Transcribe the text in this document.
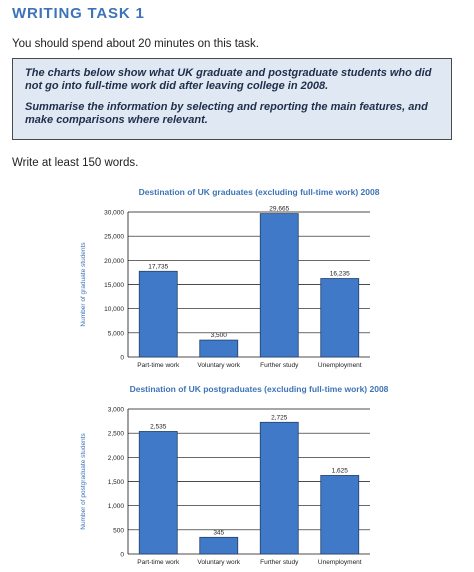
WRITING TASK 1
You should spend about 20 minutes on this task.

The charts below show what UK graduate and postgraduate students who did not go into full-time work did after leaving college in 2008.

Summarise the information by selecting and reporting the main features, and make comparisons where relevant.

Write at least 150 words.
Destination of UK graduates (excluding full-time work) 2008
0
5,000
10,000
15,000
20,000
25,000
30,000
Number of graduate students	17,735
Part-time work
3,500
Voluntary work
29,665
Further study
16,235
Unemployment
Destination of UK postgraduates (excluding full-time work) 2008
0
500
1,000
1,500
2,000
2,500
3,000
Number of postgraduate students
2,535
Part-time work
345
Voluntary work
2,725
Further study
1,625
Unemployment
